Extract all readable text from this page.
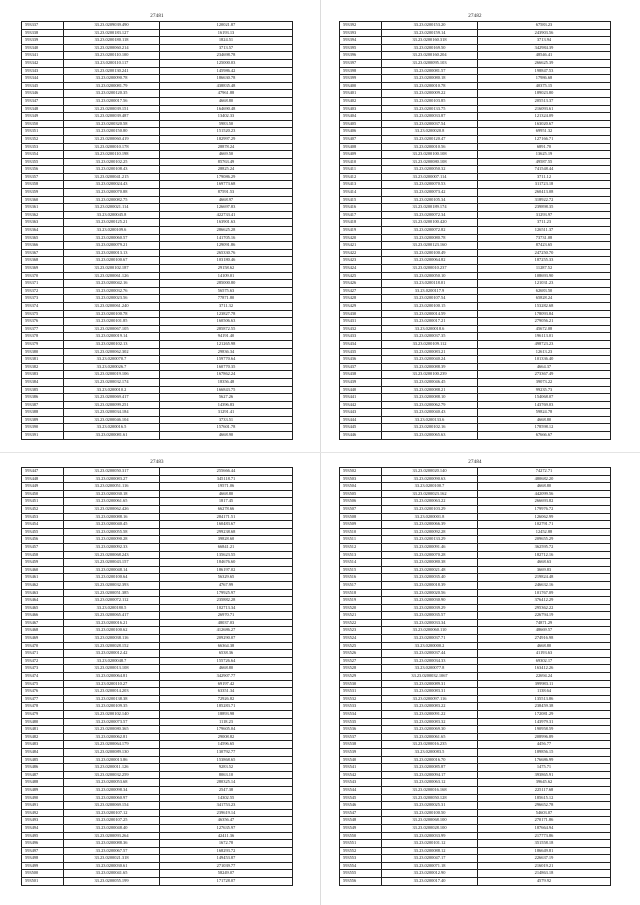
27481
593337	33.23.0209039.490	120021.87
593338	33.23.0200183.127	16193.13
593339	33.23.0200180.118	1824.51
593340	33.23.0200060.214	3713.57
593341	33.23.0200110.100	234698.78
593342	33.23.0200110.117	125000.03
593343	33.23.0200130.241	145986.42
593344	33.23.0200090.78	186630.78
593345	33.23.0200081.79	438835.48
593346	33.23.0200120.35	47961.88
593347	33.23.0200017.56	4668.80
593348	33.23.0200039.151	164690.48
593349	33.23.0200039.487	13402.33
593350	33.23.0200320.58	5983.50
593351	33.23.0200150.80	151520.23
593352	33.23.0200060.419	182997.29
593353	33.23.0200010.178	28878.24
593354	33.23.0200110.198	4669.50
593355	33.23.0200102.25	85763.49
593356	33.23.0200108.43	28825.24
593357	33.23.0200041.215	179086.29
593358	33.23.0200024.43	169773.68
593359	33.23.0200070.88	87591.53
593360	33.23.0200082.75	4668.97
593361	33.23.0200021.114	126697.83
593362	33.23.0200045.8	422733.41
593363	33.23.0200125.21	163901.63
593364	33.23.0200109.6	286625.28
593365	33.23.0200060.57	141705.16
593366	33.23.0200079.21	129091.86
593367	33.23.0200013.13	265330.76
593368	33.23.0200100.67	103180.46
593369	33.23.0200102.187	29158.62
593370	33.23.0200061.126	14109.01
593371	33.23.0200042.16	285000.80
593372	33.23.0200032.76	56575.63
593373	33.23.0200023.56	77871.80
593374	33.23.0200061.240	3711.32
593375	33.23.0200100.78	123827.78
593376	33.23.0200101.85	160506.63
593377	33.23.0200067.105	285872.55
593378	33.23.0200019.14	94191.40
593379	33.23.0200102.13	121265.98
593380	33.23.0200062.302	29836.34
593381	33.23.0200070.7	159770.64
593382	33.23.0200026.7	160770.35
593383	33.23.0200019.106	167862.24
593384	33.23.0200032.174	18356.48
593385	33.23.0200010.2	166843.75
593386	33.23.0200069.417	5627.26
593387	33.23.0200099.251	14396.83
593388	33.23.0200034.184	31291.41
593389	33.23.0200046.104	3733.51
593390	33.23.0200016.5	157601.78
593391	33.23.0200081.61	4668.90
27482
593392	33.23.0200153.20	67583.23
593393	33.23.0200159.14	243903.56
593394	33.23.0200160.318	3713.94
593395	33.23.0200169.50	342984.39
593396	33.23.0200160.204	48546.41
593397	33.23.0200095.103	266625.39
593398	33.23.0200081.57	198847.53
593399	33.23.0200080.18	17986.68
593400	33.23.0200010.78	40375.15
593401	33.23.0200009.22	189023.80
593402	33.23.0200103.85	205513.37
593403	33.23.0200133.75	216093.61
593404	33.23.0200033.87	121324.09
593405	33.23.0200037.54	163020.67
593406	33.23.0200020.8	69951.32
593407	33.23.0200120.47	127166.71
593408	33.23.0200010.56	6891.70
593409	33.23.0200100.108	13625.19
593410	33.23.0200080.108	49587.55
593411	33.23.0200050.32	741548.44
593412	33.23.0200007.114	3711.12
593413	33.23.0200070.53	311723.18
593414	33.23.0200073.42	260413.08
593415	33.23.0200105.34	318922.72
593416	33.23.0200189.174	239898.35
593417	33.23.0200072.34	31293.97
593418	33.23.0200100.420	3711.23
593419	33.23.0200072.82	126511.37
593420	33.23.0200080.78	73731.08
593421	33.23.0200123.160	87423.65
593422	33.23.0200100.49	247250.70
593423	33.23.0200064.82	187255.33
593424	33.23.0200010.237	11287.52
593425	33.23.0200050.10	108693.90
593426	33.23.0200118.01	121031.23
593427	33.23.0200117.9	62683.50
593428	33.23.0200107.54	65828.24
593429	33.23.0200100.15	153282.68
593430	33.23.0200014.59	178093.84
593431	33.23.0200017.21	279056.21
593432	33.23.0200018.6	45672.08
593433	33.23.0200037.35	196113.01
593434	33.23.0200109.112	498723.23
593435	33.23.0200083.21	12613.23
593436	33.23.0200040.24	101336.40
593437	33.23.0200088.39	4664.37
593438	33.23.0200100.239	273367.49
593439	33.23.0200046.45	39073.22
593440	33.23.0200088.21	99235.73
593441	33.23.0200088.10	154068.07
593442	33.23.0200062.79	143769.03
593443	33.23.0200040.43	59824.78
593444	33.23.0200133.6	4668.80
593445	33.23.0200102.16	178598.12
593446	33.23.0200065.63	67666.67
27483
593447	33.23.0200050.317	255666.44
593448	33.23.0200083.27	345118.71
593449	33.23.0200051.116	19571.06
593450	33.23.0200030.18	4668.80
593451	33.23.0200061.65	1817.45
593452	33.23.0200062.426	66278.66
593453	33.23.0200088.16	284171.51
593454	33.23.0200040.45	160483.67
593455	33.23.0200055.58	299238.68
593456	33.23.0200090.28	39828.60
593457	33.23.0200092.33	66841.21
593458	33.23.0200068.243	135623.55
593459	33.23.0200043.157	184676.60
593460	33.23.0200048.14	186197.02
593461	33.23.0200100.64	56329.65
593462	33.23.0200032.393	4767.99
593463	33.23.0200051.385	179925.97
593464	33.23.0200072.112	235882.28
593465	33.23.0200180.5	102713.34
593466	33.23.0200065.417	26970.71
593467	33.23.0200016.21	48037.03
593468	33.23.0200100.62	412686.27
593469	33.23.0200038.116	209290.07
593470	33.23.0200028.152	66364.38
593471	33.23.0200012.42	6538.36
593472	33.23.0200048.7	155726.64
593473	33.23.0200013.108	4668.80
593474	33.23.0200064.81	342907.77
593475	33.23.0200110.27	69197.42
593476	33.23.0200014.203	63351.34
593477	33.23.0200138.38	72926.82
593478	33.23.0200109.35	185283.71
593479	33.23.0200102.140	18893.98
593480	33.23.0200073.57	1118.23
593481	33.23.0200080.365	179605.04
593482	33.23.0200062.81	29008.82
593483	33.23.0200064.179	14596.65
593484	33.23.0200089.130	130792.77
593485	33.23.0200013.86	153868.65
593486	33.23.0200011.126	9283.52
593487	33.23.0200032.259	8063.10
593488	33.23.0200053.68	280325.14
593489	33.23.0200098.34	2547.38
593490	33.23.0200060.97	14302.55
593491	33.23.0200069.154	341753.23
593492	33.23.0200107.12	239619.14
593493	33.23.0200107.25	46356.47
593494	33.23.0200048.40	127635.97
593495	33.23.0200093.264	42411.36
593496	33.23.0200088.36	1672.78
593497	33.23.0200067.57	168293.72
593498	33.23.0200021.318	149453.87
593499	33.23.0200030.61	271039.77
593500	33.23.0200041.65	58249.07
593501	33.23.0200055.199	171728.07
27484
593502	33.23.0200020.140	74272.71
593503	33.23.0200090.63	480682.20
593504	33.23.0200100.7	4668.80
593505	33.23.0200023.162	442099.56
593506	33.23.0200063.22	266693.82
593507	33.23.0200103.29	179976.72
593508	33.23.0200001.8	126062.99
593509	33.23.0200066.39	102791.71
593510	33.23.0200092.28	12452.88
593511	33.23.0200133.29	209655.29
593512	33.23.0200091.46	362595.72
593513	33.23.0200070.28	182712.16
593514	33.23.0200080.38	4668.63
593515	33.23.0200021.48	3669.83
593516	33.23.0200035.40	219824.48
593517	33.23.0200018.39	246632.16
593518	33.23.0200020.56	101767.09
593519	33.23.0200030.90	376412.29
593520	33.23.0200039.29	295362.22
593521	33.23.0200035.57	226794.19
593522	33.23.0200033.34	74871.29
593523	33.23.0200060.110	48669.57
593524	33.23.0200037.71	274916.98
593525	33.23.0200000.2	4668.80
593526	33.23.0200037.44	41193.63
593527	33.23.0200034.33	69302.17
593528	33.23.0200077.8	163412.26
593529	33.23.0200032.1067	22694.24
593530	33.23.0200089.31	399983.11
593531	33.23.0200083.31	1138.64
593532	33.23.0200097.116	135513.86
593533	33.23.0200083.22	238459.38
593534	33.23.0200091.22	172081.29
593535	33.23.0200083.32	143979.31
593536	33.23.0200069.30	190958.59
593537	33.23.0200061.65	208996.89
593538	33.23.0200016.235	4456.77
593539	33.23.0200083.5	189856.15
593540	33.23.0200016.70	176686.99
593541	33.23.0200085.87	1475.71
593542	33.23.0200094.17	393865.91
593543	33.23.0200063.12	39645.62
593544	33.23.0200016.168	225117.68
593545	33.23.0200050.128	185615.12
593546	33.23.0200025.31	296652.78
593547	33.23.0200100.50	54603.07
593548	33.23.0200068.100	270171.86
593549	33.23.0200028.100	187664.94
593550	33.23.0200033.99	217773.86
593551	33.23.0200101.12	351558.18
593552	33.23.0200088.12	186649.81
593553	33.23.0200047.17	226637.19
593554	33.23.0200071.18	216019.21
593555	33.23.0200012.90	214863.18
593556	33.23.0200017.40	4579.92
